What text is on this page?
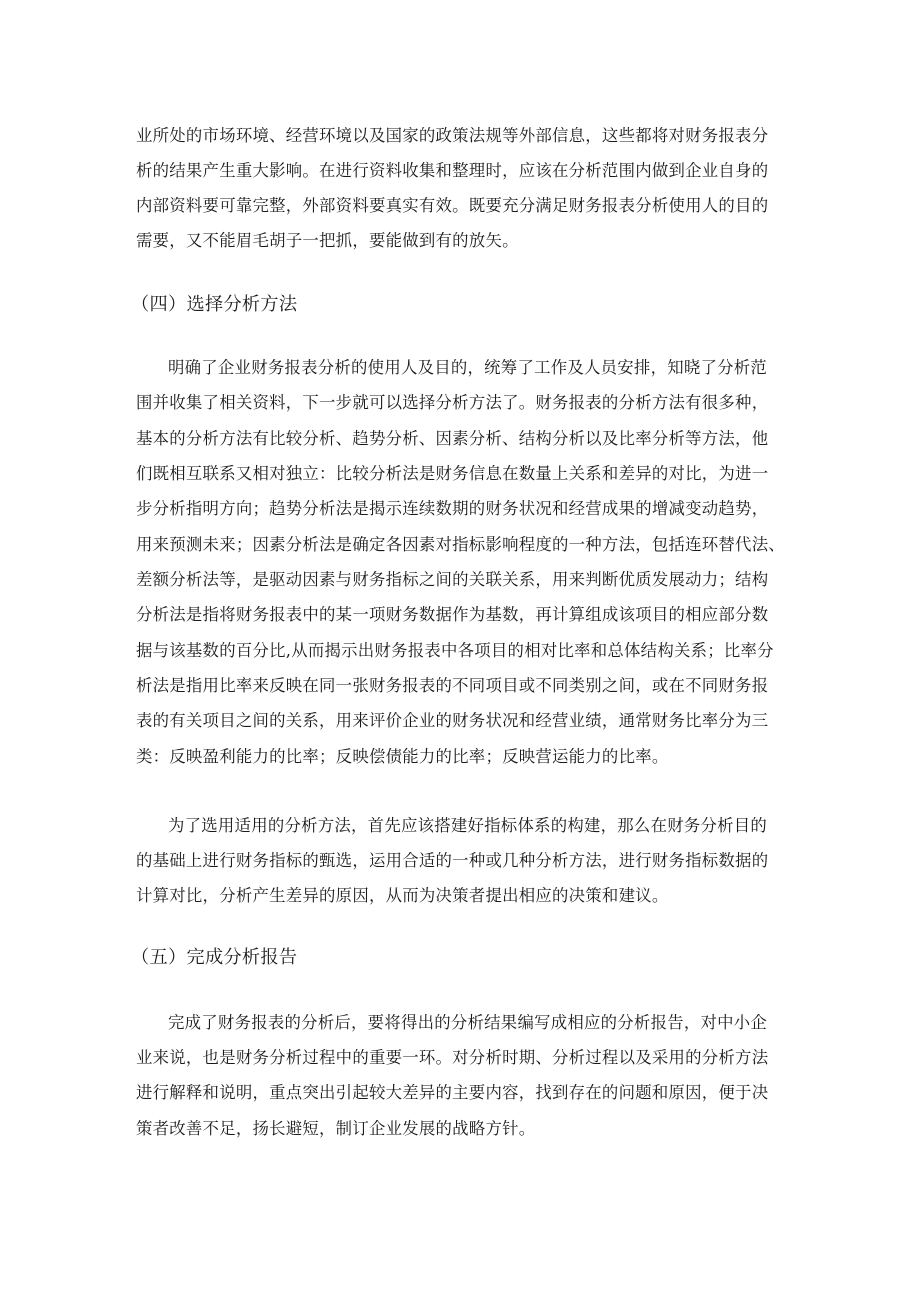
业所处的市场环境、经营环境以及国家的政策法规等外部信息，这些都将对财务报表分
析的结果产生重大影响。在进行资料收集和整理时，应该在分析范围内做到企业自身的
内部资料要可靠完整，外部资料要真实有效。既要充分满足财务报表分析使用人的目的
需要，又不能眉毛胡子一把抓，要能做到有的放矢。
（四）选择分析方法
明确了企业财务报表分析的使用人及目的，统筹了工作及人员安排，知晓了分析范
围并收集了相关资料，下一步就可以选择分析方法了。财务报表的分析方法有很多种，
基本的分析方法有比较分析、趋势分析、因素分析、结构分析以及比率分析等方法，他
们既相互联系又相对独立：比较分析法是财务信息在数量上关系和差异的对比，为进一
步分析指明方向；趋势分析法是揭示连续数期的财务状况和经营成果的增减变动趋势，
用来预测未来；因素分析法是确定各因素对指标影响程度的一种方法，包括连环替代法、
差额分析法等，是驱动因素与财务指标之间的关联关系，用来判断优质发展动力；结构
分析法是指将财务报表中的某一项财务数据作为基数，再计算组成该项目的相应部分数
据与该基数的百分比,从而揭示出财务报表中各项目的相对比率和总体结构关系；比率分
析法是指用比率来反映在同一张财务报表的不同项目或不同类别之间，或在不同财务报
表的有关项目之间的关系，用来评价企业的财务状况和经营业绩，通常财务比率分为三
类：反映盈利能力的比率；反映偿债能力的比率；反映营运能力的比率。
为了选用适用的分析方法，首先应该搭建好指标体系的构建，那么在财务分析目的
的基础上进行财务指标的甄选，运用合适的一种或几种分析方法，进行财务指标数据的
计算对比，分析产生差异的原因，从而为决策者提出相应的决策和建议。
（五）完成分析报告
完成了财务报表的分析后，要将得出的分析结果编写成相应的分析报告，对中小企
业来说，也是财务分析过程中的重要一环。对分析时期、分析过程以及采用的分析方法
进行解释和说明，重点突出引起较大差异的主要内容，找到存在的问题和原因，便于决
策者改善不足，扬长避短，制订企业发展的战略方针。
